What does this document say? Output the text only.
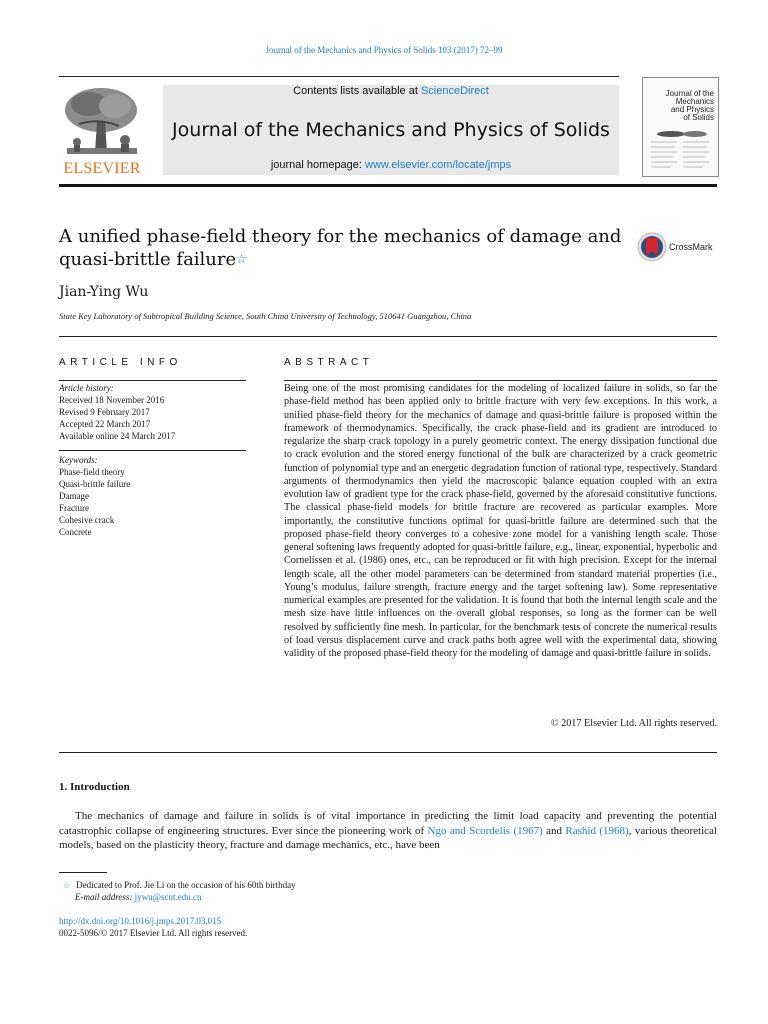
Journal of the Mechanics and Physics of Solids 103 (2017) 72–99
ELSEVIER
Contents lists available at ScienceDirect
Journal of the Mechanics and Physics of Solids
journal homepage: www.elsevier.com/locate/jmps
Journal of the
Mechanics
and Physics
of Solids
A unified phase-field theory for the mechanics of damage and quasi-brittle failure☆
CrossMark
Jian-Ying Wu
State Key Laboratory of Subtropical Building Science, South China University of Technology, 510641 Guangzhou, China
ARTICLE INFO	ABSTRACT
Article history:
Received 18 November 2016
Revised 9 February 2017
Accepted 22 March 2017
Available online 24 March 2017
Keywords:
Phase-field theory
Quasi-brittle failure
Damage
Fracture
Cohesive crack
Concrete
Being one of the most promising candidates for the modeling of localized failure in solids, so far the phase-field method has been applied only to brittle fracture with very few exceptions. In this work, a unified phase-field theory for the mechanics of damage and quasi-brittle failure is proposed within the framework of thermodynamics. Specifically, the crack phase-field and its gradient are introduced to regularize the sharp crack topology in a purely geometric context. The energy dissipation functional due to crack evolution and the stored energy functional of the bulk are characterized by a crack geometric function of polynomial type and an energetic degradation function of rational type, respectively. Standard arguments of thermodynamics then yield the macroscopic balance equation coupled with an extra evolution law of gradient type for the crack phase-field, governed by the aforesaid constitutive functions. The classical phase-field models for brittle fracture are recovered as particular examples. More importantly, the constitutive functions optimal for quasi-brittle failure are determined such that the proposed phase-field theory converges to a cohesive zone model for a vanishing length scale. Those general softening laws frequently adopted for quasi-brittle failure, e.g., linear, exponential, hyperbolic and Cornelissen et al. (1986) ones, etc., can be reproduced or fit with high precision. Except for the internal length scale, all the other model parameters can be determined from standard material properties (i.e., Young’s modulus, failure strength, fracture energy and the target softening law). Some representative numerical examples are presented for the validation. It is found that both the internal length scale and the mesh size have little influences on the overall global responses, so long as the former can be well resolved by sufficiently fine mesh. In particular, for the benchmark tests of concrete the numerical results of load versus displacement curve and crack paths both agree well with the experimental data, showing validity of the proposed phase-field theory for the modeling of damage and quasi-brittle failure in solids.
© 2017 Elsevier Ltd. All rights reserved.
1. Introduction
The mechanics of damage and failure in solids is of vital importance in predicting the limit load capacity and preventing the potential catastrophic collapse of engineering structures. Ever since the pioneering work of Ngo and Scordelis (1967) and Rashid (1968), various theoretical models, based on the plasticity theory, fracture and damage mechanics, etc., have been
☆ Dedicated to Prof. Jie Li on the occasion of his 60th birthday
E-mail address: jywu@scut.edu.cn
http://dx.doi.org/10.1016/j.jmps.2017.03.015
0022-5096/© 2017 Elsevier Ltd. All rights reserved.
